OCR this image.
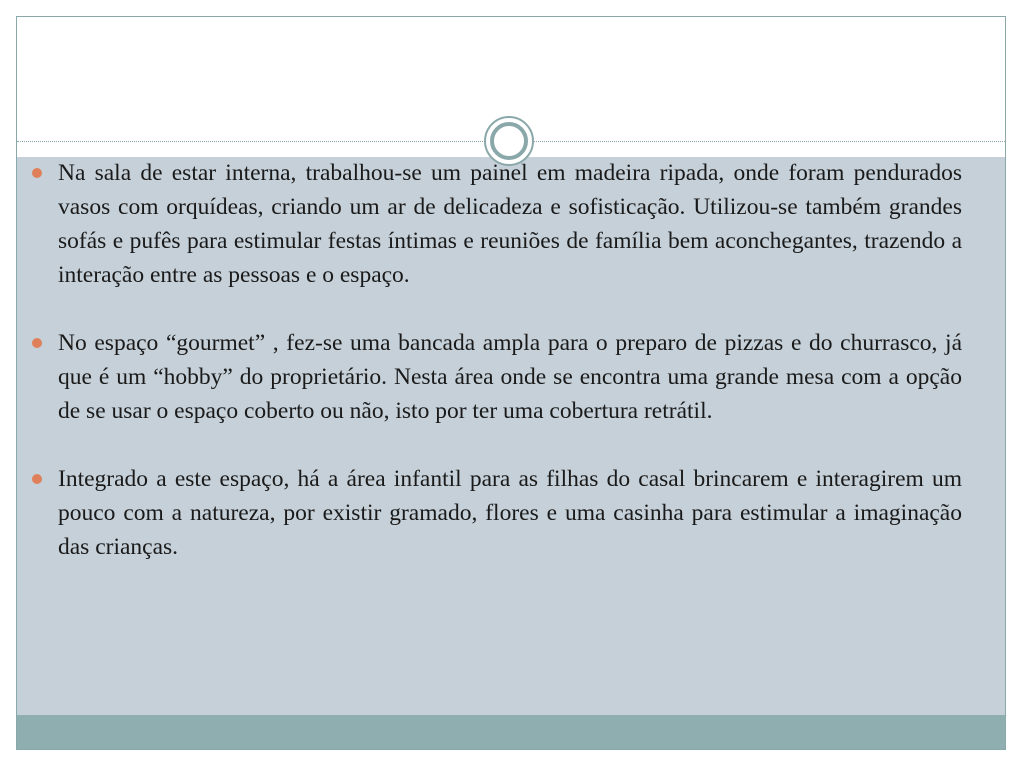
Na sala de estar interna, trabalhou-se um painel em madeira ripada, onde foram pendurados vasos com orquídeas, criando um ar de delicadeza e sofisticação. Utilizou-se também grandes sofás e pufês para estimular festas íntimas e reuniões de família bem aconchegantes, trazendo a interação entre as pessoas e o espaço.
No espaço “gourmet” , fez-se uma bancada ampla para o preparo de pizzas e do churrasco, já que é um “hobby” do proprietário. Nesta área onde se encontra uma grande mesa com a opção de se usar o espaço coberto ou não, isto por ter uma cobertura retrátil.
Integrado a este espaço, há a área infantil para as filhas do casal brincarem e interagirem um pouco com a natureza, por existir gramado, flores e uma casinha para estimular a imaginação das crianças.
